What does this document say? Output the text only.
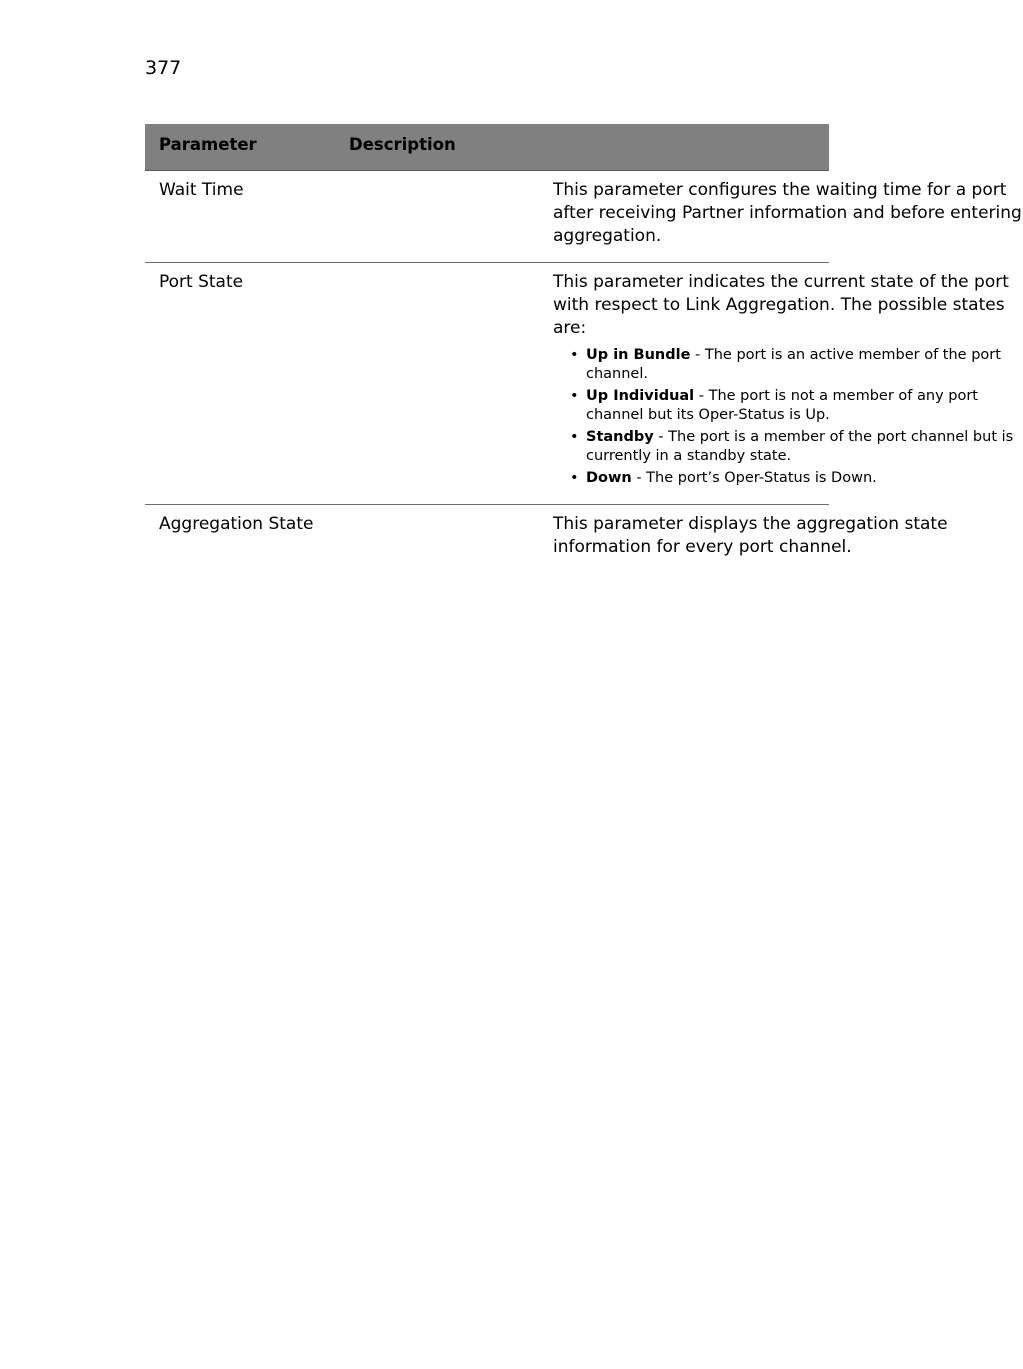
377
Parameter	Description
Wait Time	This parameter configures the waiting time for a port after receiving Partner information and before entering aggregation.

Port State	This parameter indicates the current state of the port with respect to Link Aggregation. The possible states are:

• Up in Bundle - The port is an active member of the port channel.
• Up Individual - The port is not a member of any port channel but its Oper-Status is Up.
• Standby - The port is a member of the port channel but is currently in a standby state.
• Down - The port’s Oper-Status is Down.
Aggregation State	This parameter displays the aggregation state information for every port channel.
